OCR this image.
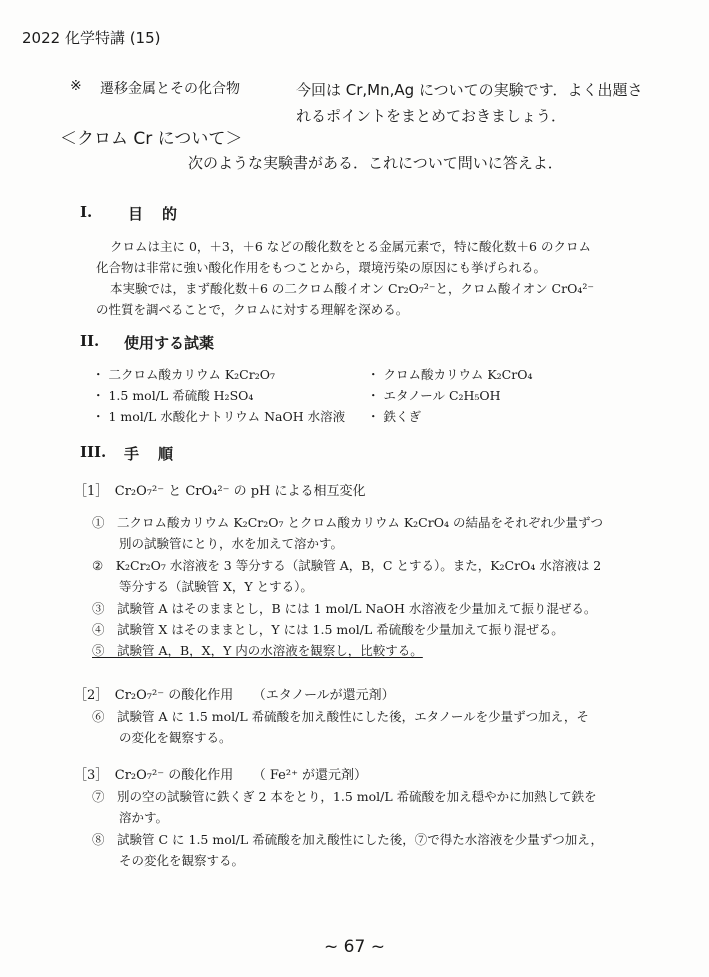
2022 化学特講 (15)
※ 遷移金属とその化合物	今回は Cr,Mn,Ag についての実験です．よく出題さ
れるポイントをまとめておきましょう．
＜クロム Cr について＞
次のような実験書がある．これについて問いに答えよ．
I. 目　的
クロムは主に 0，＋3，＋6 などの酸化数をとる金属元素で，特に酸化数＋6 のクロム
化合物は非常に強い酸化作用をもつことから，環境汚染の原因にも挙げられる。
本実験では，まず酸化数＋6 の二クロム酸イオン Cr₂O₇²⁻と，クロム酸イオン CrO₄²⁻
の性質を調べることで，クロムに対する理解を深める。
II. 使用する試薬
・ 二クロム酸カリウム K₂Cr₂O₇
・ 1.5 mol/L 希硫酸 H₂SO₄
・ 1 mol/L 水酸化ナトリウム NaOH 水溶液
・ クロム酸カリウム K₂CrO₄
・ エタノール C₂H₅OH
・ 鉄くぎ
III. 手　順
［1］　Cr₂O₇²⁻ と CrO₄²⁻ の pH による相互変化
①　二クロム酸カリウム K₂Cr₂O₇ とクロム酸カリウム K₂CrO₄ の結晶をそれぞれ少量ずつ
別の試験管にとり，水を加えて溶かす。
②　K₂Cr₂O₇ 水溶液を 3 等分する（試験管 A，B，C とする）。また，K₂CrO₄ 水溶液は 2
等分する（試験管 X，Y とする）。
③　試験管 A はそのままとし，B には 1 mol/L NaOH 水溶液を少量加えて振り混ぜる。
④　試験管 X はそのままとし，Y には 1.5 mol/L 希硫酸を少量加えて振り混ぜる。
⑤　試験管 A，B，X，Y 内の水溶液を観察し，比較する。
［2］　Cr₂O₇²⁻ の酸化作用　　（エタノールが還元剤）
⑥　試験管 A に 1.5 mol/L 希硫酸を加え酸性にした後，エタノールを少量ずつ加え，そ
の変化を観察する。
［3］　Cr₂O₇²⁻ の酸化作用　　（ Fe²⁺ が還元剤）
⑦　別の空の試験管に鉄くぎ 2 本をとり，1.5 mol/L 希硫酸を加え穏やかに加熱して鉄を
溶かす。
⑧　試験管 C に 1.5 mol/L 希硫酸を加え酸性にした後，⑦で得た水溶液を少量ずつ加え，
その変化を観察する。
~ 67 ~
